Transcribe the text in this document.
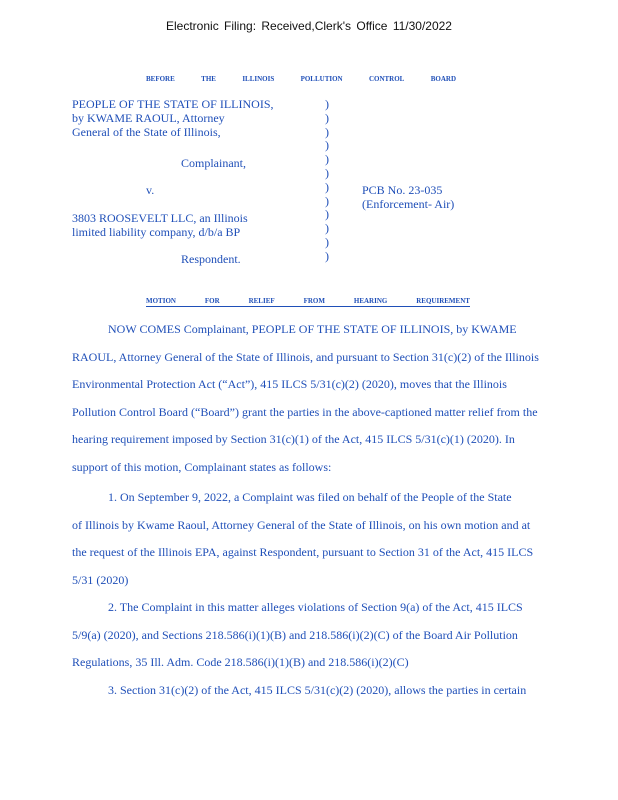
Electronic Filing: Received,Clerk's Office 11/30/2022
BEFORE	THE	ILLINOIS	POLLUTION	CONTROL	BOARD
PEOPLE OF THE STATE OF ILLINOIS,
by KWAME RAOUL, Attorney
General of the State of Illinois,
Complainant,
v.	PCB No. 23-035
(Enforcement- Air)
3803 ROOSEVELT LLC, an Illinois
limited liability company, d/b/a BP
Respondent.
)
)
)
)
)
)
)
)
)
)
)
)
MOTION	FOR	RELIEF	FROM	HEARING	REQUIREMENT
NOW COMES Complainant, PEOPLE OF THE STATE OF ILLINOIS, by KWAME
RAOUL, Attorney General of the State of Illinois, and pursuant to Section 31(c)(2) of the Illinois
Environmental Protection Act (“Act”), 415 ILCS 5/31(c)(2) (2020), moves that the Illinois
Pollution Control Board (“Board”) grant the parties in the above-captioned matter relief from the
hearing requirement imposed by Section 31(c)(1) of the Act, 415 ILCS 5/31(c)(1) (2020). In
support of this motion, Complainant states as follows:
1. On September 9, 2022, a Complaint was filed on behalf of the People of the State
of Illinois by Kwame Raoul, Attorney General of the State of Illinois, on his own motion and at
the request of the Illinois EPA, against Respondent, pursuant to Section 31 of the Act, 415 ILCS
5/31 (2020)
2. The Complaint in this matter alleges violations of Section 9(a) of the Act, 415 ILCS
5/9(a) (2020), and Sections 218.586(i)(1)(B) and 218.586(i)(2)(C) of the Board Air Pollution
Regulations, 35 Ill. Adm. Code 218.586(i)(1)(B) and 218.586(i)(2)(C)
3. Section 31(c)(2) of the Act, 415 ILCS 5/31(c)(2) (2020), allows the parties in certain
